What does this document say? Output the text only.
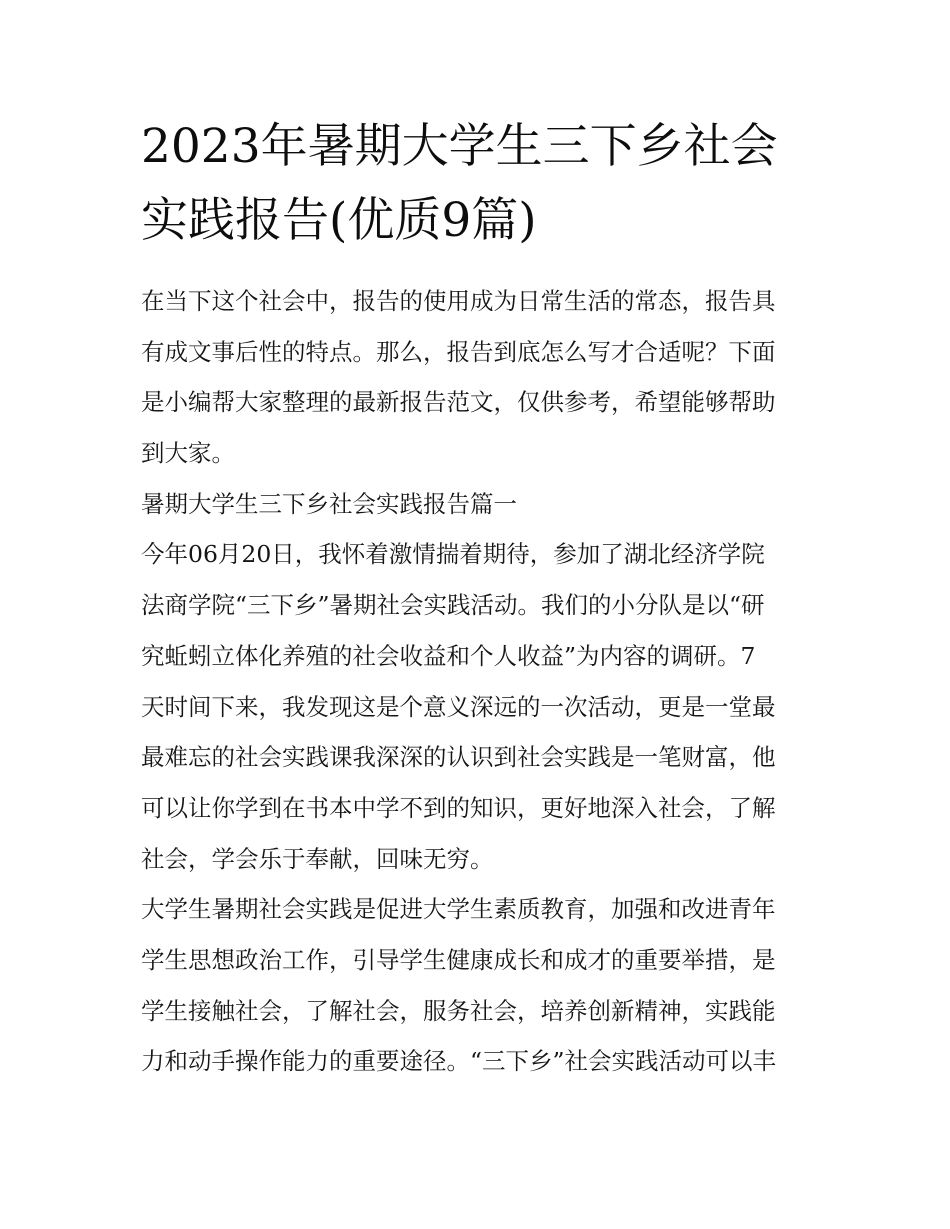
2023年暑期大学生三下乡社会
实践报告(优质9篇)
在当下这个社会中，报告的使用成为日常生活的常态，报告具
有成文事后性的特点。那么，报告到底怎么写才合适呢？下面
是小编帮大家整理的最新报告范文，仅供参考，希望能够帮助
到大家。
暑期大学生三下乡社会实践报告篇一
今年06月20日，我怀着激情揣着期待，参加了湖北经济学院
法商学院“三下乡”暑期社会实践活动。我们的小分队是以“研
究蚯蚓立体化养殖的社会收益和个人收益”为内容的调研。7
天时间下来，我发现这是个意义深远的一次活动，更是一堂最
最难忘的社会实践课我深深的认识到社会实践是一笔财富，他
可以让你学到在书本中学不到的知识，更好地深入社会，了解
社会，学会乐于奉献，回味无穷。
大学生暑期社会实践是促进大学生素质教育，加强和改进青年
学生思想政治工作，引导学生健康成长和成才的重要举措，是
学生接触社会，了解社会，服务社会，培养创新精神，实践能
力和动手操作能力的重要途径。“三下乡”社会实践活动可以丰
